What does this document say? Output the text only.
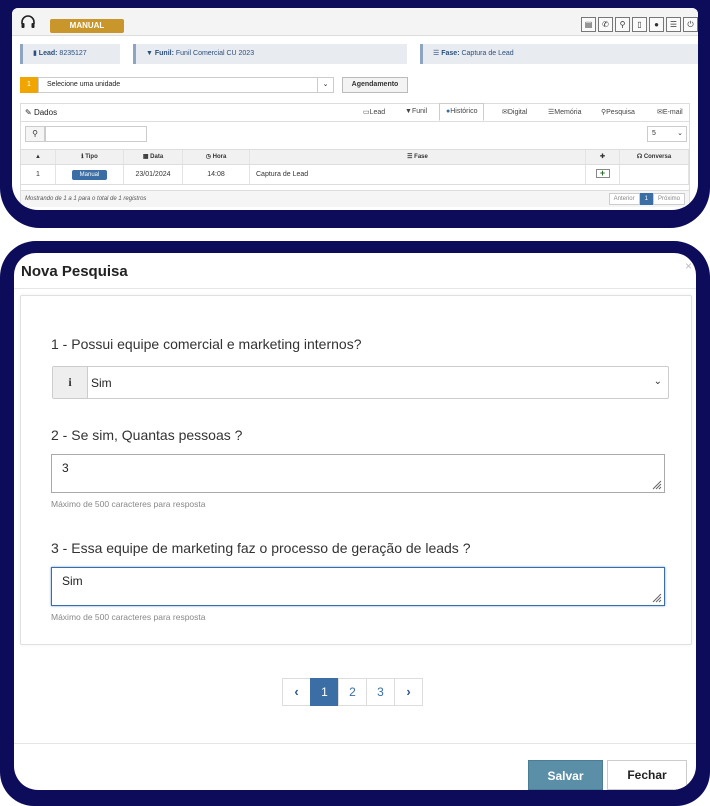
MANUAL	▤	✆	⚲	▯	●	☰	⏻
▮ Lead: 8235127	▼ Funil: Funil Comercial CU 2023	☰ Fase: Captura de Lead
1	Selecione uma unidade	⌄	Agendamento
✎ Dados	▭Lead	▼Funil	●Histórico	✉Digital	☰Memória	⚲Pesquisa	✉E-mail
⚲	5	⌄
▲	ℹ Tipo	▦ Data	◷ Hora	☰ Fase	✚	☊ Conversa
1	Manual	23/01/2024	14:08	Captura de Lead	+
Mostrando de 1 a 1 para o total de 1 registros	Anterior	1	Próximo
Nova Pesquisa	×
1 - Possui equipe comercial e marketing internos?
i	Sim	⌄
2 - Se sim, Quantas pessoas ?
3
Máximo de 500 caracteres para resposta
3 - Essa equipe de marketing faz o processo de geração de leads ?
Sim
Máximo de 500 caracteres para resposta
‹	1	2	3	›
Salvar	Fechar
